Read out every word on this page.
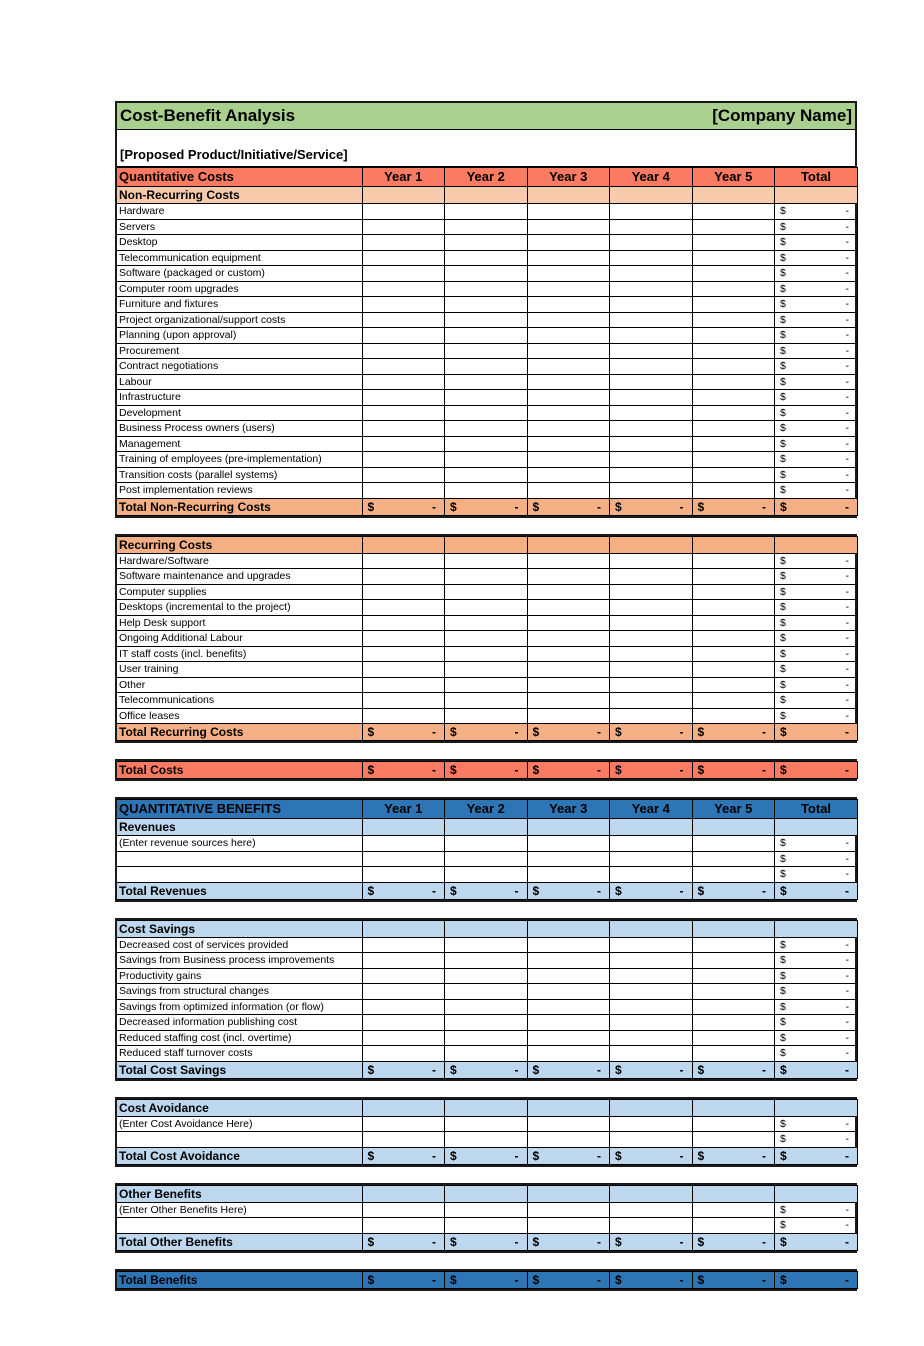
Cost-Benefit Analysis	[Company Name]
[Proposed Product/Initiative/Service]
Quantitative Costs	Year 1	Year 2	Year 3	Year 4	Year 5	Total
Non-Recurring Costs						
Hardware						$ -

Servers						$ -

Desktop						$ -

Telecommunication equipment						$ -

Software (packaged or custom)						$ -

Computer room upgrades						$ -

Furniture and fixtures						$ -

Project organizational/support costs						$ -

Planning (upon approval)						$ -

Procurement						$ -

Contract negotiations						$ -

Labour						$ -

Infrastructure						$ -

Development						$ -

Business Process owners (users)						$ -

Management						$ -

Training of employees (pre-implementation)						$ -

Transition costs (parallel systems)						$ -

Post implementation reviews						$ -

Total Non-Recurring Costs	$ -	$ -	$ -	$ -	$ -	$ -
Recurring Costs						
Hardware/Software						$ -

Software maintenance and upgrades						$ -

Computer supplies						$ -

Desktops (incremental to the project)						$ -

Help Desk support						$ -

Ongoing Additional Labour						$ -

IT staff costs (incl. benefits)						$ -

User training						$ -

Other						$ -

Telecommunications						$ -

Office leases						$ -

Total Recurring Costs	$ -	$ -	$ -	$ -	$ -	$ -
Total Costs	$	-	$	-	$	-	$	-	$	-	$	-
QUANTITATIVE BENEFITS	Year 1	Year 2	Year 3	Year 4	Year 5	Total
Revenues						
(Enter revenue sources here)						$ -

						$ -

						$ -

Total Revenues	$ -	$ -	$ -	$ -	$ -	$ -
Cost Savings						
Decreased cost of services provided						$ -

Savings from Business process improvements						$ -

Productivity gains						$ -

Savings from structural changes						$ -

Savings from optimized information (or flow)						$ -

Decreased information publishing cost						$ -

Reduced staffing cost (incl. overtime)						$ -

Reduced staff turnover costs						$ -

Total Cost Savings	$ -	$ -	$ -	$ -	$ -	$ -
Cost Avoidance						
(Enter Cost Avoidance Here)						$ -

						$ -

Total Cost Avoidance	$ -	$ -	$ -	$ -	$ -	$ -
Other Benefits						
(Enter Other Benefits Here)						$ -

						$ -

Total Other Benefits	$ -	$ -	$ -	$ -	$ -	$ -
Total Benefits	$	-	$	-	$	-	$	-	$	-	$	-
